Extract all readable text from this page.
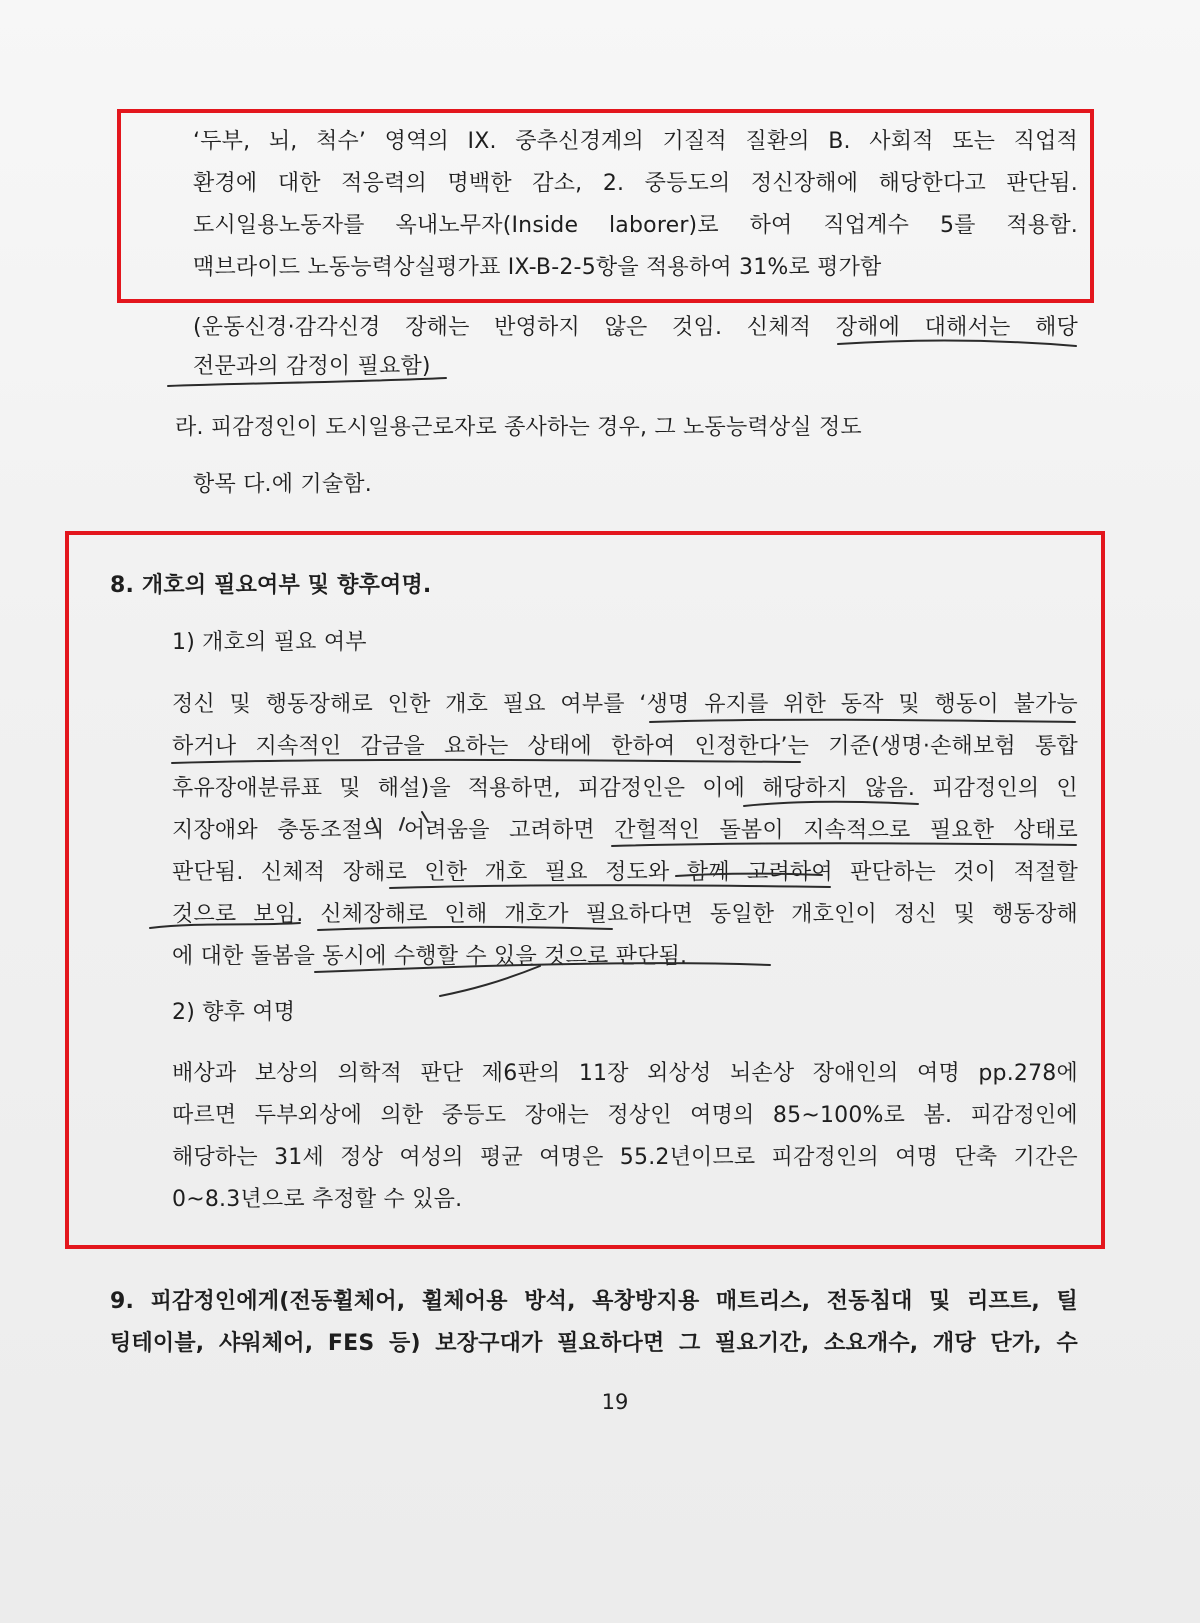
‘두부, 뇌, 척수’ 영역의 IX. 중추신경계의 기질적 질환의 B. 사회적 또는 직업적
환경에 대한 적응력의 명백한 감소, 2. 중등도의 정신장해에 해당한다고 판단됨.
도시일용노동자를 옥내노무자(Inside laborer)로 하여 직업계수 5를 적용함.
맥브라이드 노동능력상실평가표 IX-B-2-5항을 적용하여 31%로 평가함
(운동신경·감각신경 장해는 반영하지 않은 것임. 신체적 장해에 대해서는 해당
전문과의 감정이 필요함)
라. 피감정인이 도시일용근로자로 종사하는 경우, 그 노동능력상실 정도
항목 다.에 기술함.
8. 개호의 필요여부 및 향후여명.
1) 개호의 필요 여부
정신 및 행동장해로 인한 개호 필요 여부를 ‘생명 유지를 위한 동작 및 행동이 불가능
하거나 지속적인 감금을 요하는 상태에 한하여 인정한다’는 기준(생명·손해보험 통합
후유장애분류표 및 해설)을 적용하면, 피감정인은 이에 해당하지 않음. 피감정인의 인
지장애와 충동조절의 어려움을 고려하면 간헐적인 돌봄이 지속적으로 필요한 상태로
판단됨. 신체적 장해로 인한 개호 필요 정도와 함께 고려하여 판단하는 것이 적절할
것으로 보임. 신체장해로 인해 개호가 필요하다면 동일한 개호인이 정신 및 행동장해
에 대한 돌봄을 동시에 수행할 수 있을 것으로 판단됨.
2) 향후 여명
배상과 보상의 의학적 판단 제6판의 11장 외상성 뇌손상 장애인의 여명 pp.278에
따르면 두부외상에 의한 중등도 장애는 정상인 여명의 85~100%로 봄. 피감정인에
해당하는 31세 정상 여성의 평균 여명은 55.2년이므로 피감정인의 여명 단축 기간은
0~8.3년으로 추정할 수 있음.
9. 피감정인에게(전동휠체어, 휠체어용 방석, 욕창방지용 매트리스, 전동침대 및 리프트, 틸
팅테이블, 샤워체어, FES 등) 보장구대가 필요하다면 그 필요기간, 소요개수, 개당 단가, 수
19
